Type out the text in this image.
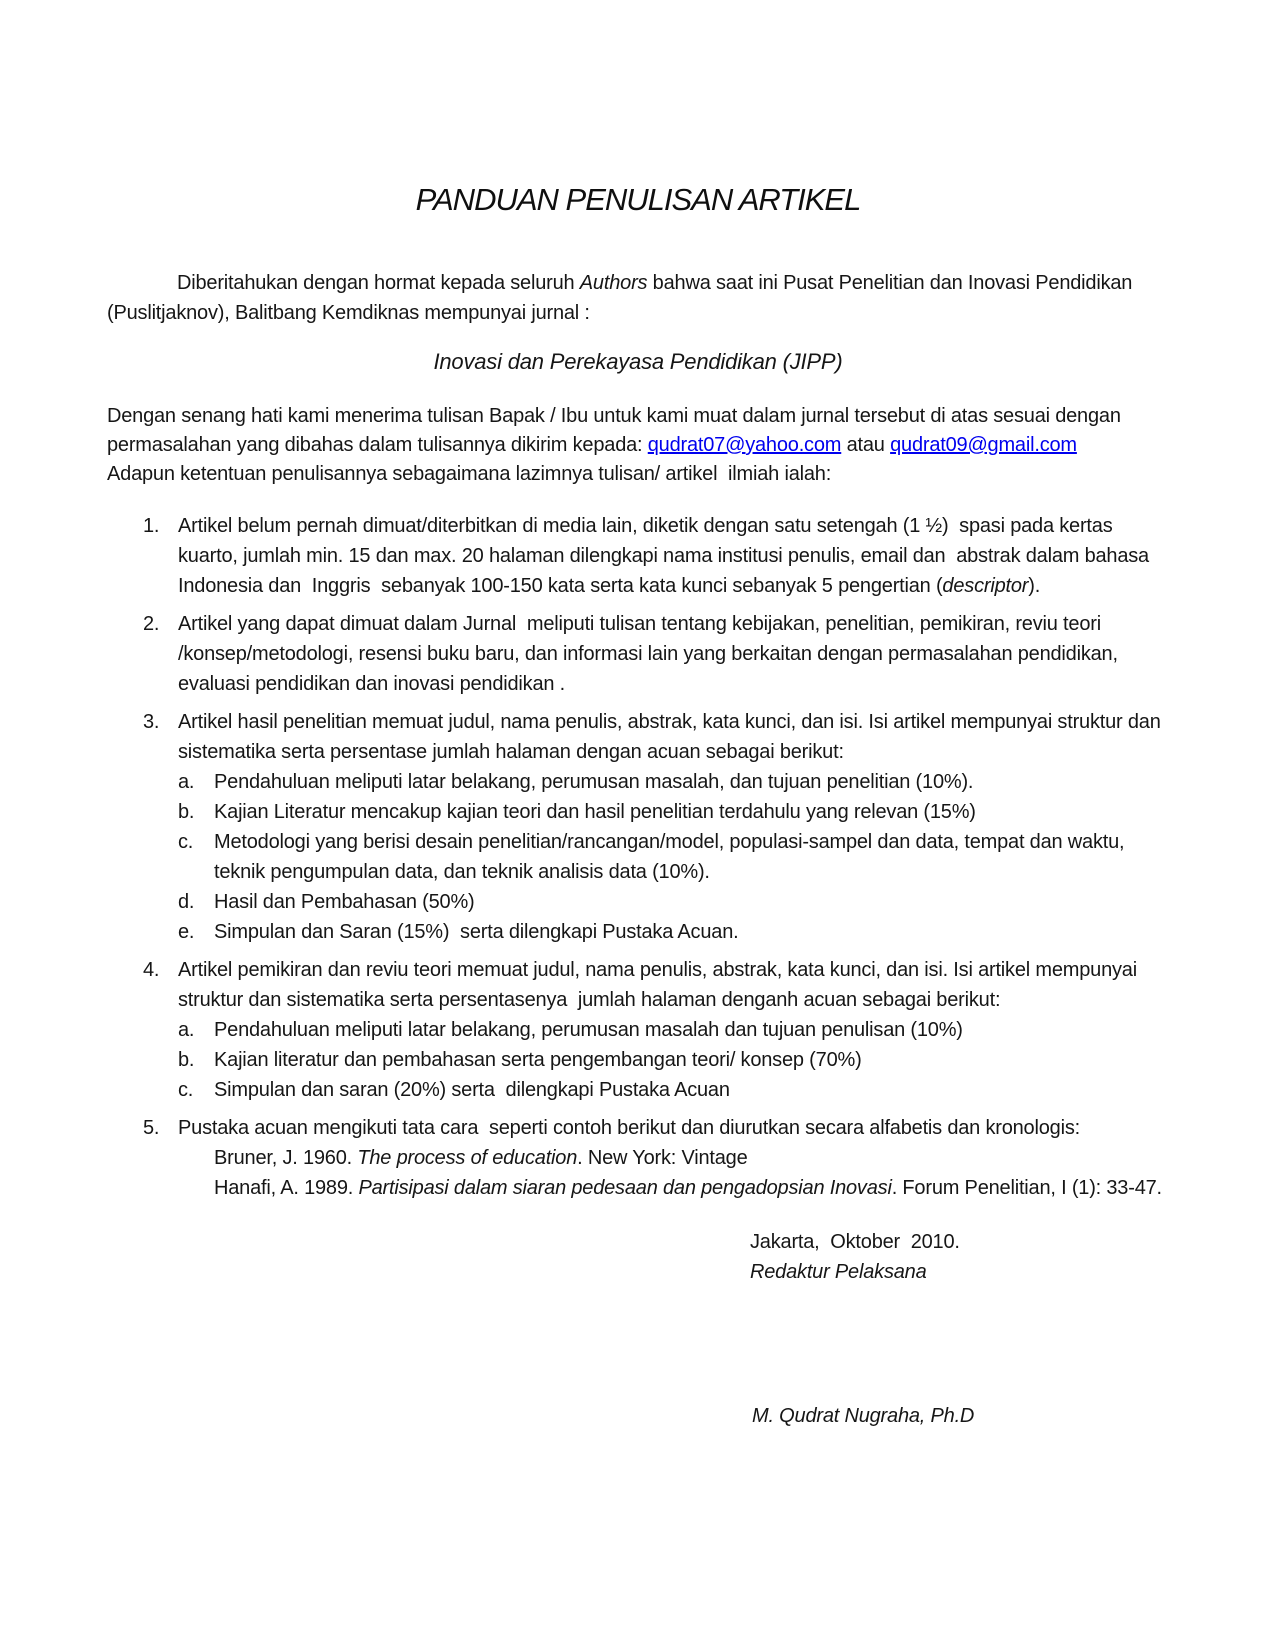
PANDUAN PENULISAN ARTIKEL

Diberitahukan dengan hormat kepada seluruh Authors bahwa saat ini Pusat Penelitian dan Inovasi Pendidikan (Puslitjaknov), Balitbang Kemdiknas mempunyai jurnal :

Inovasi dan Perekayasa Pendidikan (JIPP)

Dengan senang hati kami menerima tulisan Bapak / Ibu untuk kami muat dalam jurnal tersebut di atas sesuai dengan permasalahan yang dibahas dalam tulisannya dikirim kepada: qudrat07@yahoo.com atau qudrat09@gmail.com
Adapun ketentuan penulisannya sebagaimana lazimnya tulisan/ artikel  ilmiah ialah:

1. Artikel belum pernah dimuat/diterbitkan di media lain, diketik dengan satu setengah (1 ½)  spasi pada kertas kuarto, jumlah min. 15 dan max. 20 halaman dilengkapi nama institusi penulis, email dan  abstrak dalam bahasa Indonesia dan  Inggris  sebanyak 100-150 kata serta kata kunci sebanyak 5 pengertian (descriptor).
2. Artikel yang dapat dimuat dalam Jurnal  meliputi tulisan tentang kebijakan, penelitian, pemikiran, reviu teori /konsep/metodologi, resensi buku baru, dan informasi lain yang berkaitan dengan permasalahan pendidikan, evaluasi pendidikan dan inovasi pendidikan .
3. Artikel hasil penelitian memuat judul, nama penulis, abstrak, kata kunci, dan isi. Isi artikel mempunyai struktur dan sistematika serta persentase jumlah halaman dengan acuan sebagai berikut:
a. Pendahuluan meliputi latar belakang, perumusan masalah, dan tujuan penelitian (10%).
b. Kajian Literatur mencakup kajian teori dan hasil penelitian terdahulu yang relevan (15%)
c.	Metodologi yang berisi desain penelitian/rancangan/model, populasi-sampel dan data, tempat dan waktu, teknik pengumpulan data, dan teknik analisis data (10%).
d. Hasil dan Pembahasan (50%)
e. Simpulan dan Saran (15%)  serta dilengkapi Pustaka Acuan.
4. Artikel pemikiran dan reviu teori memuat judul, nama penulis, abstrak, kata kunci, dan isi. Isi artikel mempunyai struktur dan sistematika serta persentasenya  jumlah halaman denganh acuan sebagai berikut:
a. Pendahuluan meliputi latar belakang, perumusan masalah dan tujuan penulisan (10%)
b. Kajian literatur dan pembahasan serta pengembangan teori/ konsep (70%)
c.	Simpulan dan saran (20%) serta  dilengkapi Pustaka Acuan
5. Pustaka acuan mengikuti tata cara  seperti contoh berikut dan diurutkan secara alfabetis dan kronologis:
Bruner, J. 1960. The process of education. New York: Vintage
Hanafi, A. 1989. Partisipasi dalam siaran pedesaan dan pengadopsian Inovasi. Forum Penelitian, I (1): 33-47.
Jakarta,  Oktober  2010.
Redaktur Pelaksana
M. Qudrat Nugraha, Ph.D
